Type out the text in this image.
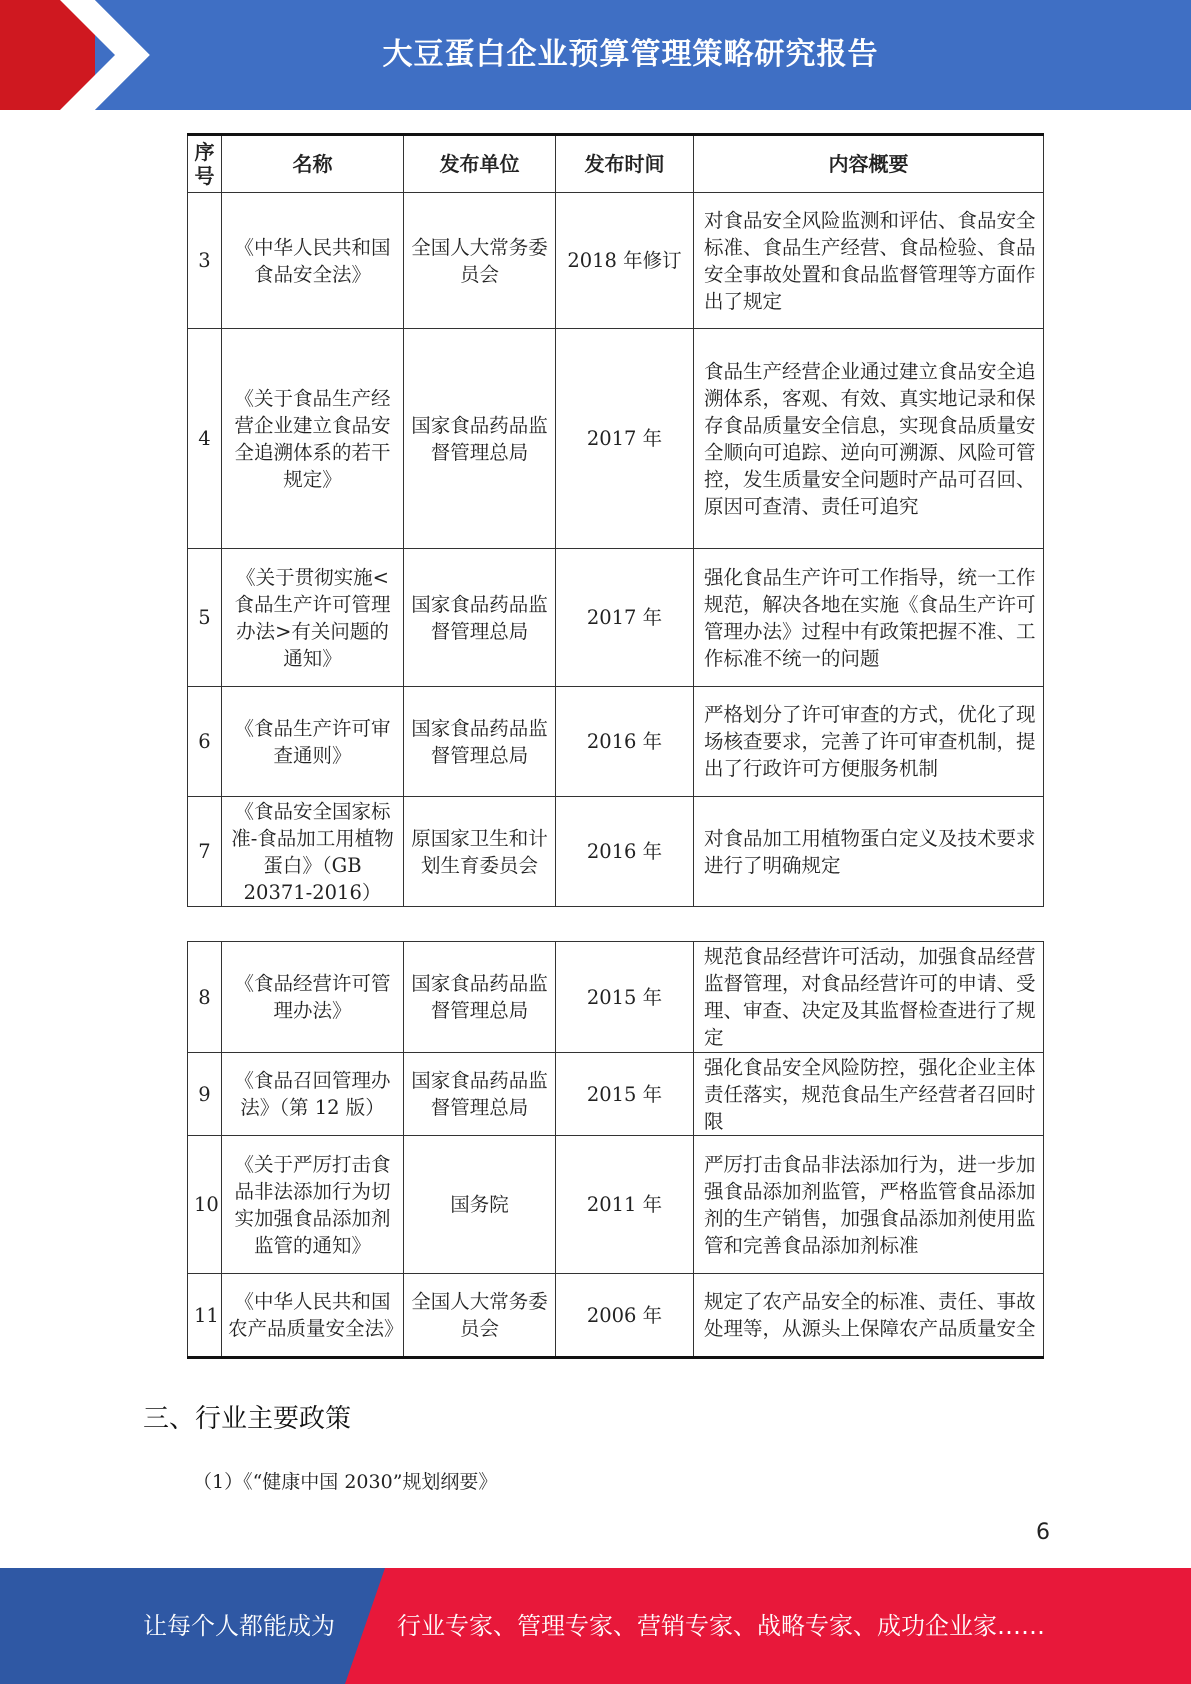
大豆蛋白企业预算管理策略研究报告
序号	名称	发布单位	发布时间	内容概要
3	《中华人民共和国食品安全法》	全国人大常务委员会	2018 年修订	对食品安全风险监测和评估、食品安全标准、食品生产经营、食品检验、食品安全事故处置和食品监督管理等方面作出了规定
4	《关于食品生产经营企业建立食品安全追溯体系的若干规定》	国家食品药品监督管理总局	2017 年	食品生产经营企业通过建立食品安全追溯体系，客观、有效、真实地记录和保存食品质量安全信息，实现食品质量安全顺向可追踪、逆向可溯源、风险可管控，发生质量安全问题时产品可召回、原因可查清、责任可追究
5	《关于贯彻实施<食品生产许可管理办法>有关问题的通知》	国家食品药品监督管理总局	2017 年	强化食品生产许可工作指导，统一工作规范，解决各地在实施《食品生产许可管理办法》过程中有政策把握不准、工作标准不统一的问题
6	《食品生产许可审查通则》	国家食品药品监督管理总局	2016 年	严格划分了许可审查的方式，优化了现场核查要求，完善了许可审查机制，提出了行政许可方便服务机制
7	《食品安全国家标准-食品加工用植物蛋白》（GB 20371-2016）	原国家卫生和计划生育委员会	2016 年	对食品加工用植物蛋白定义及技术要求进行了明确规定
8	《食品经营许可管理办法》	国家食品药品监督管理总局	2015 年	规范食品经营许可活动，加强食品经营监督管理，对食品经营许可的申请、受理、审查、决定及其监督检查进行了规定
9	《食品召回管理办法》（第 12 版）	国家食品药品监督管理总局	2015 年	强化食品安全风险防控，强化企业主体责任落实，规范食品生产经营者召回时限
10	《关于严厉打击食品非法添加行为切实加强食品添加剂监管的通知》	国务院	2011 年	严厉打击食品非法添加行为，进一步加强食品添加剂监管，严格监管食品添加剂的生产销售，加强食品添加剂使用监管和完善食品添加剂标准
11	《中华人民共和国农产品质量安全法》	全国人大常务委员会	2006 年	规定了农产品安全的标准、责任、事故处理等，从源头上保障农产品质量安全
三、行业主要政策
（1）《“健康中国 2030”规划纲要》
6
让每个人都能成为	行业专家、管理专家、营销专家、战略专家、成功企业家……
